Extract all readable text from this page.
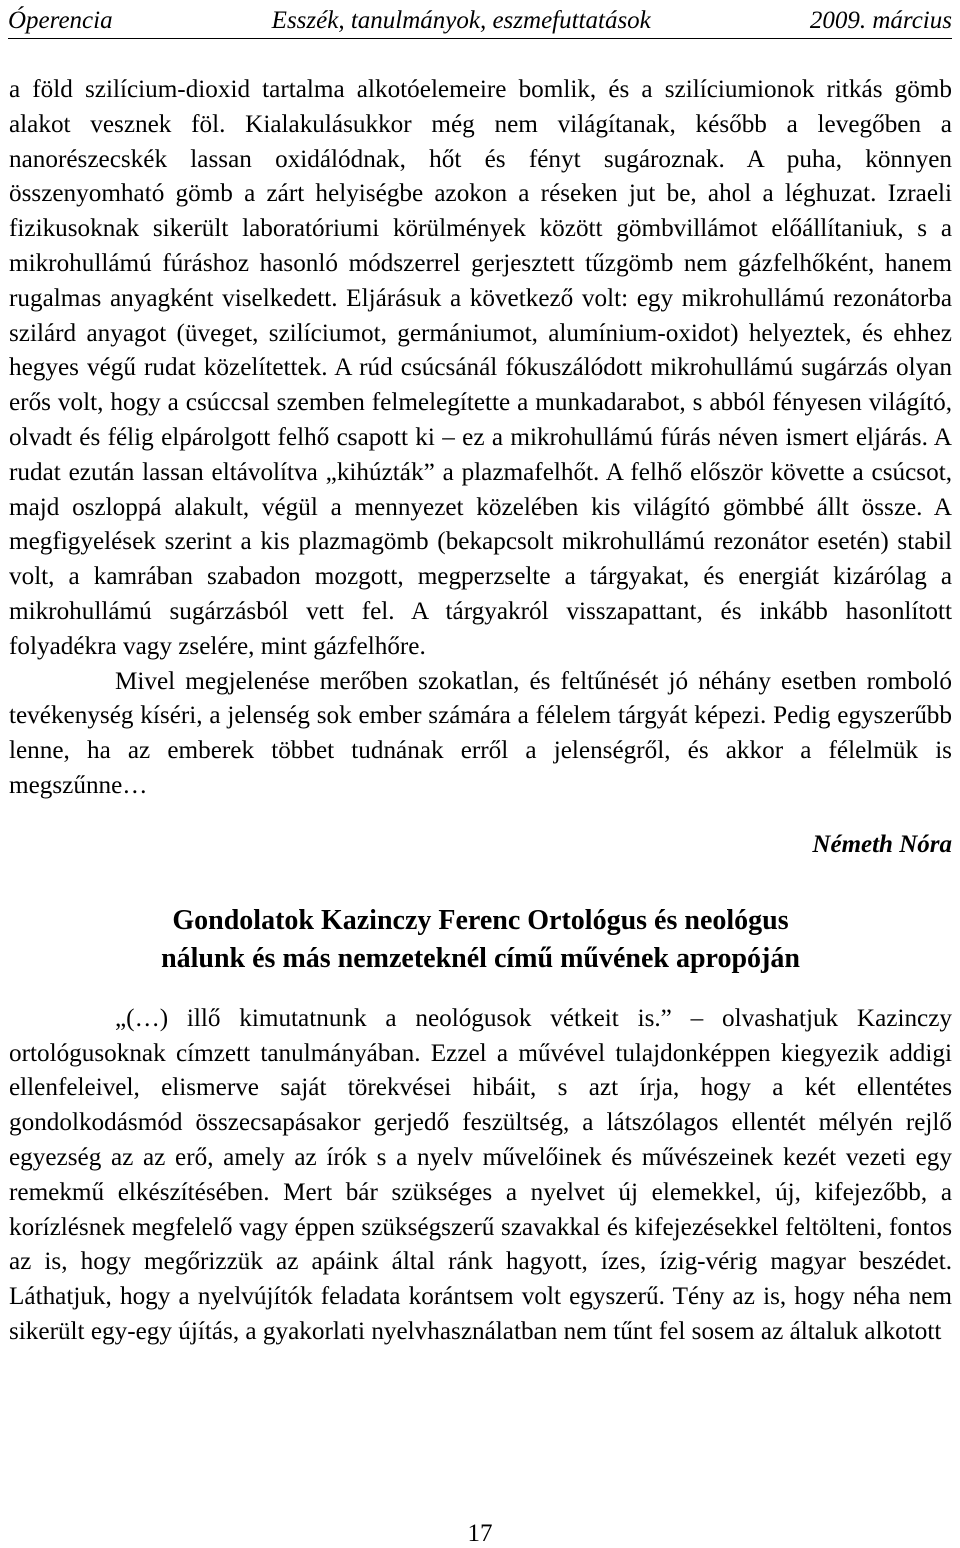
Óperencia	Esszék, tanulmányok, eszmefuttatások	2009. március

a föld szilícium-dioxid tartalma alkotóelemeire bomlik, és a szilíciumionok ritkás gömb alakot vesznek föl. Kialakulásukkor még nem világítanak, később a levegőben a nanorészecskék lassan oxidálódnak, hőt és fényt sugároznak. A puha, könnyen összenyomható gömb a zárt helyiségbe azokon a réseken jut be, ahol a léghuzat. Izraeli fizikusoknak sikerült laboratóriumi körülmények között gömbvillámot előállítaniuk, s a mikrohullámú fúráshoz hasonló módszerrel gerjesztett tűzgömb nem gázfelhőként, hanem rugalmas anyagként viselkedett. Eljárásuk a következő volt: egy mikrohullámú rezonátorba szilárd anyagot (üveget, szilíciumot, germániumot, alumínium-oxidot) helyeztek, és ehhez hegyes végű rudat közelítettek. A rúd csúcsánál fókuszálódott mikrohullámú sugárzás olyan erős volt, hogy a csúccsal szemben felmelegítette a munkadarabot, s abból fényesen világító, olvadt és félig elpárolgott felhő csapott ki – ez a mikrohullámú fúrás néven ismert eljárás. A rudat ezután lassan eltávolítva „kihúzták” a plazmafelhőt. A felhő először követte a csúcsot, majd oszloppá alakult, végül a mennyezet közelében kis világító gömbbé állt össze. A megfigyelések szerint a kis plazmagömb (bekapcsolt mikrohullámú rezonátor esetén) stabil volt, a kamrában szabadon mozgott, megperzselte a tárgyakat, és energiát kizárólag a mikrohullámú sugárzásból vett fel. A tárgyakról visszapattant, és inkább hasonlított folyadékra vagy zselére, mint gázfelhőre.

Mivel megjelenése merőben szokatlan, és feltűnését jó néhány esetben romboló tevékenység kíséri, a jelenség sok ember számára a félelem tárgyát képezi. Pedig egyszerűbb lenne, ha az emberek többet tudnának erről a jelenségről, és akkor a félelmük is megszűnne…

Németh Nóra

Gondolatok Kazinczy Ferenc Ortológus és neológus
nálunk és más nemzeteknél című művének apropóján

„(…) illő kimutatnunk a neológusok vétkeit is.” – olvashatjuk Kazinczy ortológusoknak címzett tanulmányában. Ezzel a művével tulajdonképpen kiegyezik addigi ellenfeleivel, elismerve saját törekvései hibáit, s azt írja, hogy a két ellentétes gondolkodásmód összecsapásakor gerjedő feszültség, a látszólagos ellentét mélyén rejlő egyezség az az erő, amely az írók s a nyelv művelőinek és művészeinek kezét vezeti egy remekmű elkészítésében. Mert bár szükséges a nyelvet új elemekkel, új, kifejezőbb, a korízlésnek megfelelő vagy éppen szükségszerű szavakkal és kifejezésekkel feltölteni, fontos az is, hogy megőrizzük az apáink által ránk hagyott, ízes, ízig-vérig magyar beszédet. Láthatjuk, hogy a nyelvújítók feladata korántsem volt egyszerű. Tény az is, hogy néha nem sikerült egy-egy újítás, a gyakorlati nyelvhasználatban nem tűnt fel sosem az általuk alkotott

17
